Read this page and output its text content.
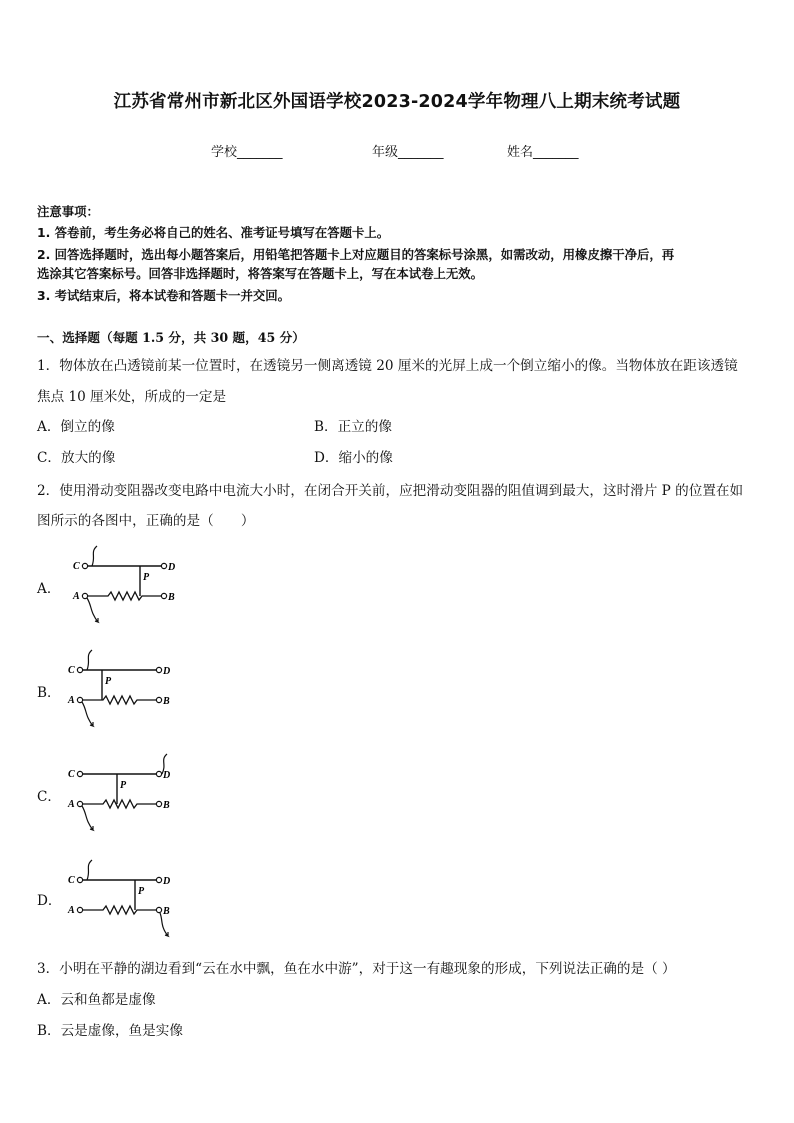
江苏省常州市新北区外国语学校2023-2024学年物理八上期末统考试题
学校_______	年级_______	姓名_______
注意事项：
1. 答卷前，考生务必将自己的姓名、准考证号填写在答题卡上。
2. 回答选择题时，选出每小题答案后，用铅笔把答题卡上对应题目的答案标号涂黑，如需改动，用橡皮擦干净后，再
选涂其它答案标号。回答非选择题时，将答案写在答题卡上，写在本试卷上无效。
3. 考试结束后，将本试卷和答题卡一并交回。
一、选择题（每题 1.5 分，共 30 题，45 分）
1．物体放在凸透镜前某一位置时，在透镜另一侧离透镜 20 厘米的光屏上成一个倒立缩小的像。当物体放在距该透镜
焦点 10 厘米处，所成的一定是
A．倒立的像	B．正立的像
C．放大的像	D．缩小的像
2．使用滑动变阻器改变电路中电流大小时，在闭合开关前，应把滑动变阻器的阻值调到最大，这时滑片 P 的位置在如
图所示的各图中，正确的是（　　）
A．
C	D
P
A	B
B．
C	D
P
A	B
C．
C	D
P
A	B
D．
C	D
P
A	B
3．小明在平静的湖边看到“云在水中飘，鱼在水中游”，对于这一有趣现象的形成，下列说法正确的是（ ）
A．云和鱼都是虚像
B．云是虚像，鱼是实像
